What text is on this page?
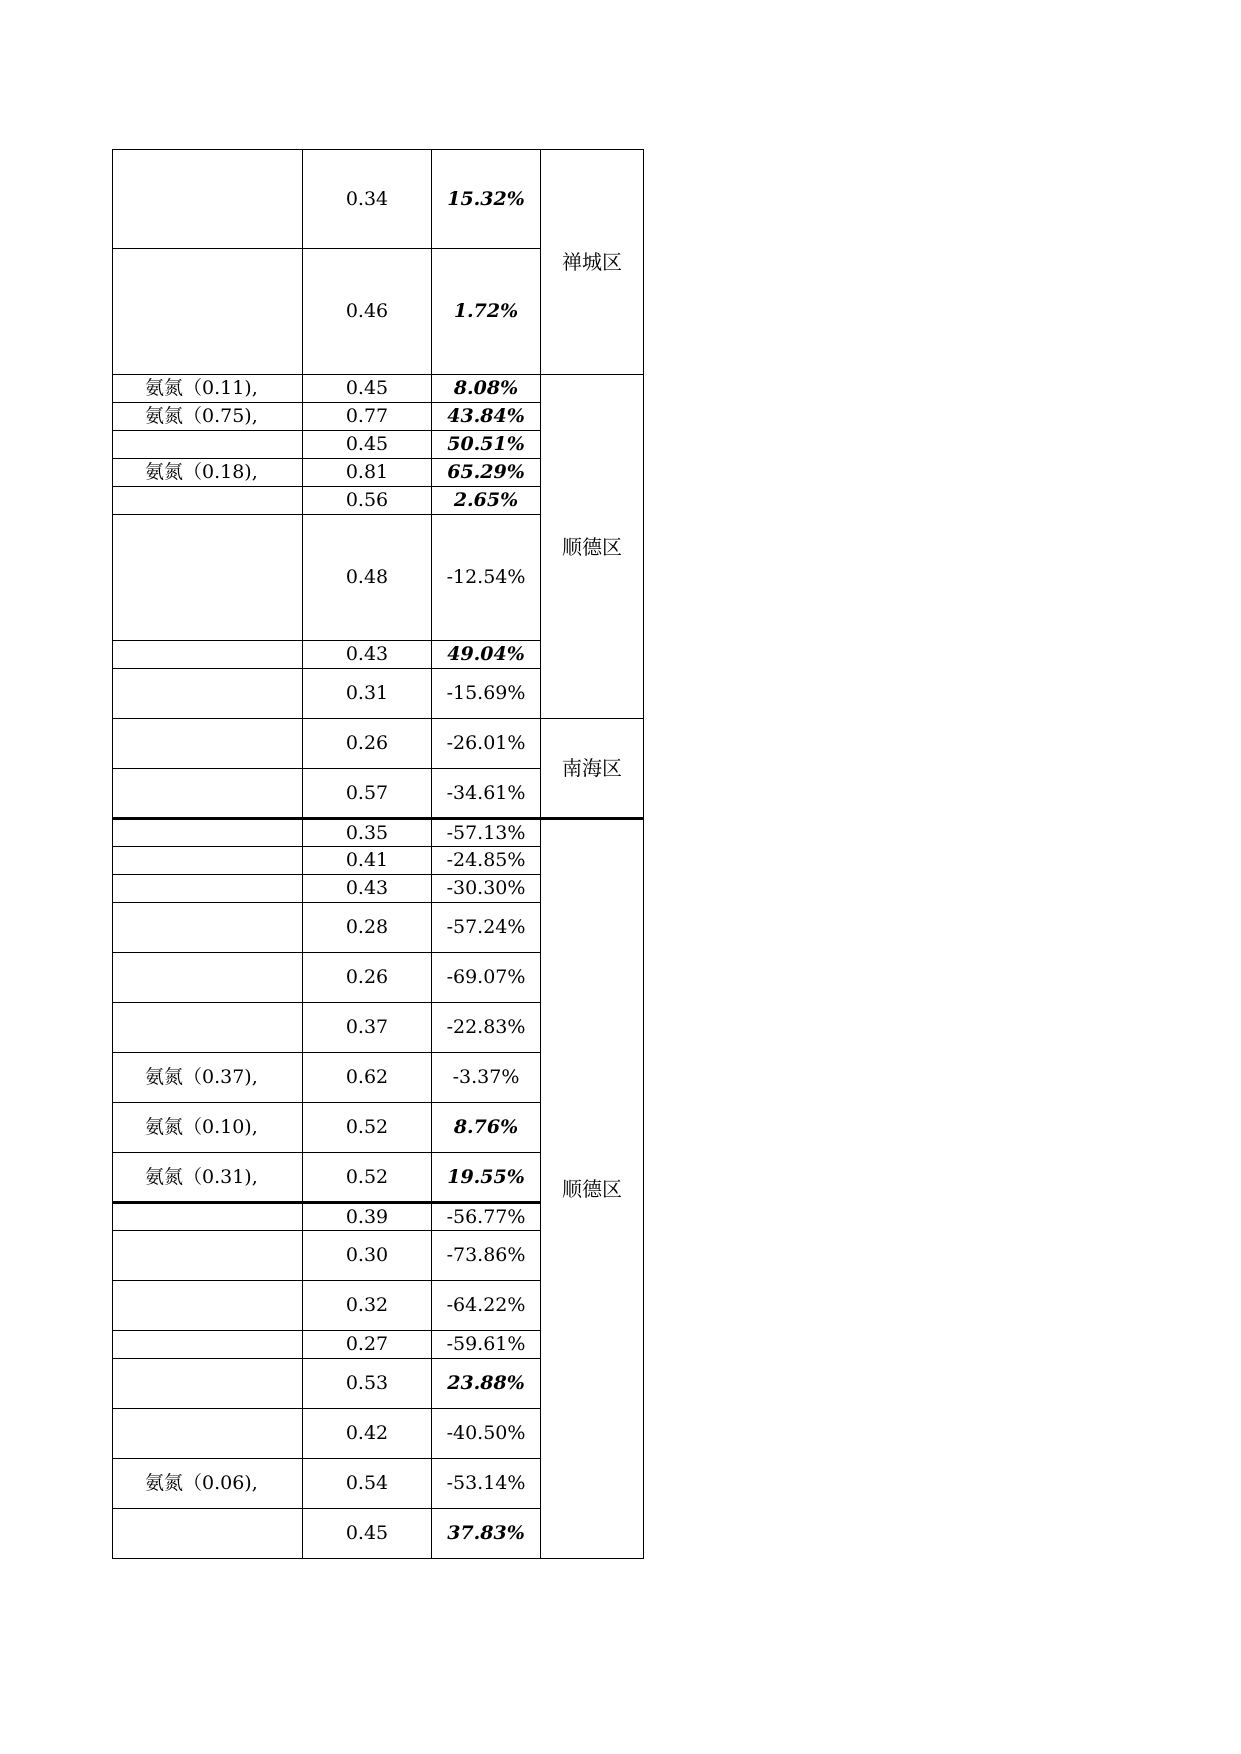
	0.34	15.32%	禅城区
	0.46	1.72%	
氨氮（0.11),	0.45	8.08%	顺德区
氨氮（0.75),	0.77	43.84%	
	0.45	50.51%	
氨氮（0.18),	0.81	65.29%	
	0.56	2.65%	
	0.48	-12.54%	
	0.43	49.04%	
	0.31	-15.69%	
	0.26	-26.01%	南海区
	0.57	-34.61%	
	0.35	-57.13%	顺德区
	0.41	-24.85%	
	0.43	-30.30%	
	0.28	-57.24%	
	0.26	-69.07%	
	0.37	-22.83%	
氨氮（0.37),	0.62	-3.37%	
氨氮（0.10),	0.52	8.76%	
氨氮（0.31),	0.52	19.55%	
	0.39	-56.77%	
	0.30	-73.86%	
	0.32	-64.22%	
	0.27	-59.61%	
	0.53	23.88%	
	0.42	-40.50%	
氨氮（0.06),	0.54	-53.14%	
	0.45	37.83%	
